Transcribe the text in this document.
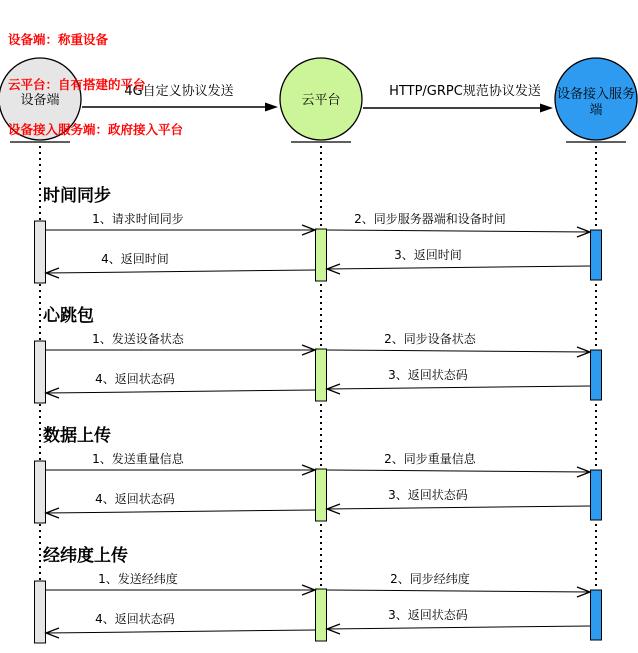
设备端：称重设备

云平台：自有搭建的平台

设备接入服务端：政府接入平台

时间同步
1、请求时间同步	2、同步服务器端和设备时间
3、返回时间
4、返回时间
心跳包
1、发送设备状态	2、同步设备状态
3、返回状态码
4、返回状态码
数据上传
1、发送重量信息	2、同步重量信息
3、返回状态码
4、返回状态码
经纬度上传
1、发送经纬度	2、同步经纬度
3、返回状态码
4、返回状态码
4G自定义协议发送	HTTP/GRPC规范协议发送
设备端	云平台	设备接入服务
端
